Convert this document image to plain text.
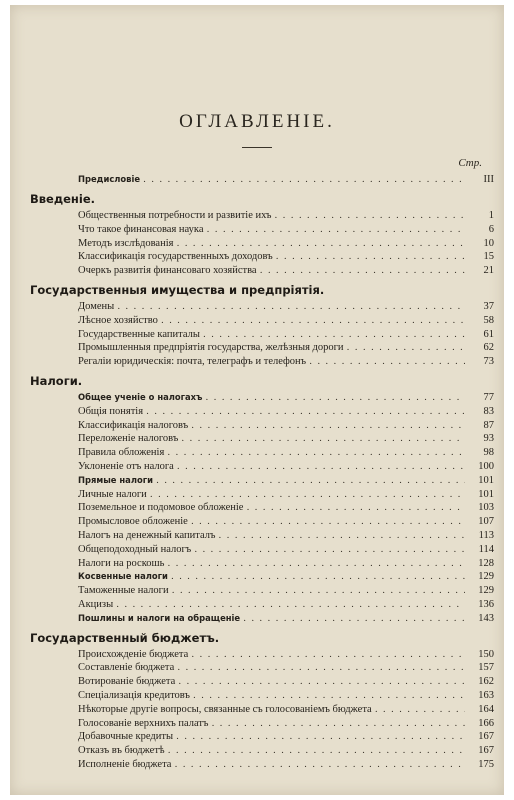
ОГЛАВЛЕНIЕ.
Стр.
Предисловiе . . .	III
Введенiе.
Общественныя потребности и развитiе ихъ . . .	1
Что такое финансовая наука . . .	6
Методъ изслѣдованiя . . .	10
Классификацiя государственныхъ доходовъ . . .	15
Очеркъ развитiя финансоваго хозяйства . . .	21
Государственныя имущества и предпрiятiя.
Домены . . .	37
Лѣсное хозяйство . . .	58
Государственные капиталы . . .	61
Промышленныя предпрiятiя государства, желѣзныя дороги . . .	62
Регалiи юридическiя: почта, телеграфъ и телефонъ . . .	73
Налоги.
Общее ученiе о налогахъ . . .	77
Общiя понятiя . . .	83
Классификацiя налоговъ . . .	87
Переложенiе налоговъ . . .	93
Правила обложенiя . . .	98
Уклоненiе отъ налога . . .	100
Прямые налоги . . .	101
Личные налоги . . .	101
Поземельное и подомовое обложенiе . . .	103
Промысловое обложенiе . . .	107
Налогъ на денежный капиталъ . . .	113
Общеподоходный налогъ . . .	114
Налоги на роскошь . . .	128
Косвенные налоги . . .	129
Таможенные налоги . . .	129
Акцизы . . .	136
Пошлины и налоги на обращенiе . . .	143
Государственный бюджетъ.
Происхожденiе бюджета . . .	150
Составленiе бюджета . . .	157
Вотированiе бюджета . . .	162
Спецiализацiя кредитовъ . . .	163
Нѣкоторые другiе вопросы, связанные съ голосованiемъ бюджета . . .	164
Голосованiе верхнихъ палатъ . . .	166
Добавочные кредиты . . .	167
Отказъ въ бюджетѣ . . .	167
Исполненiе бюджета . . .	175
